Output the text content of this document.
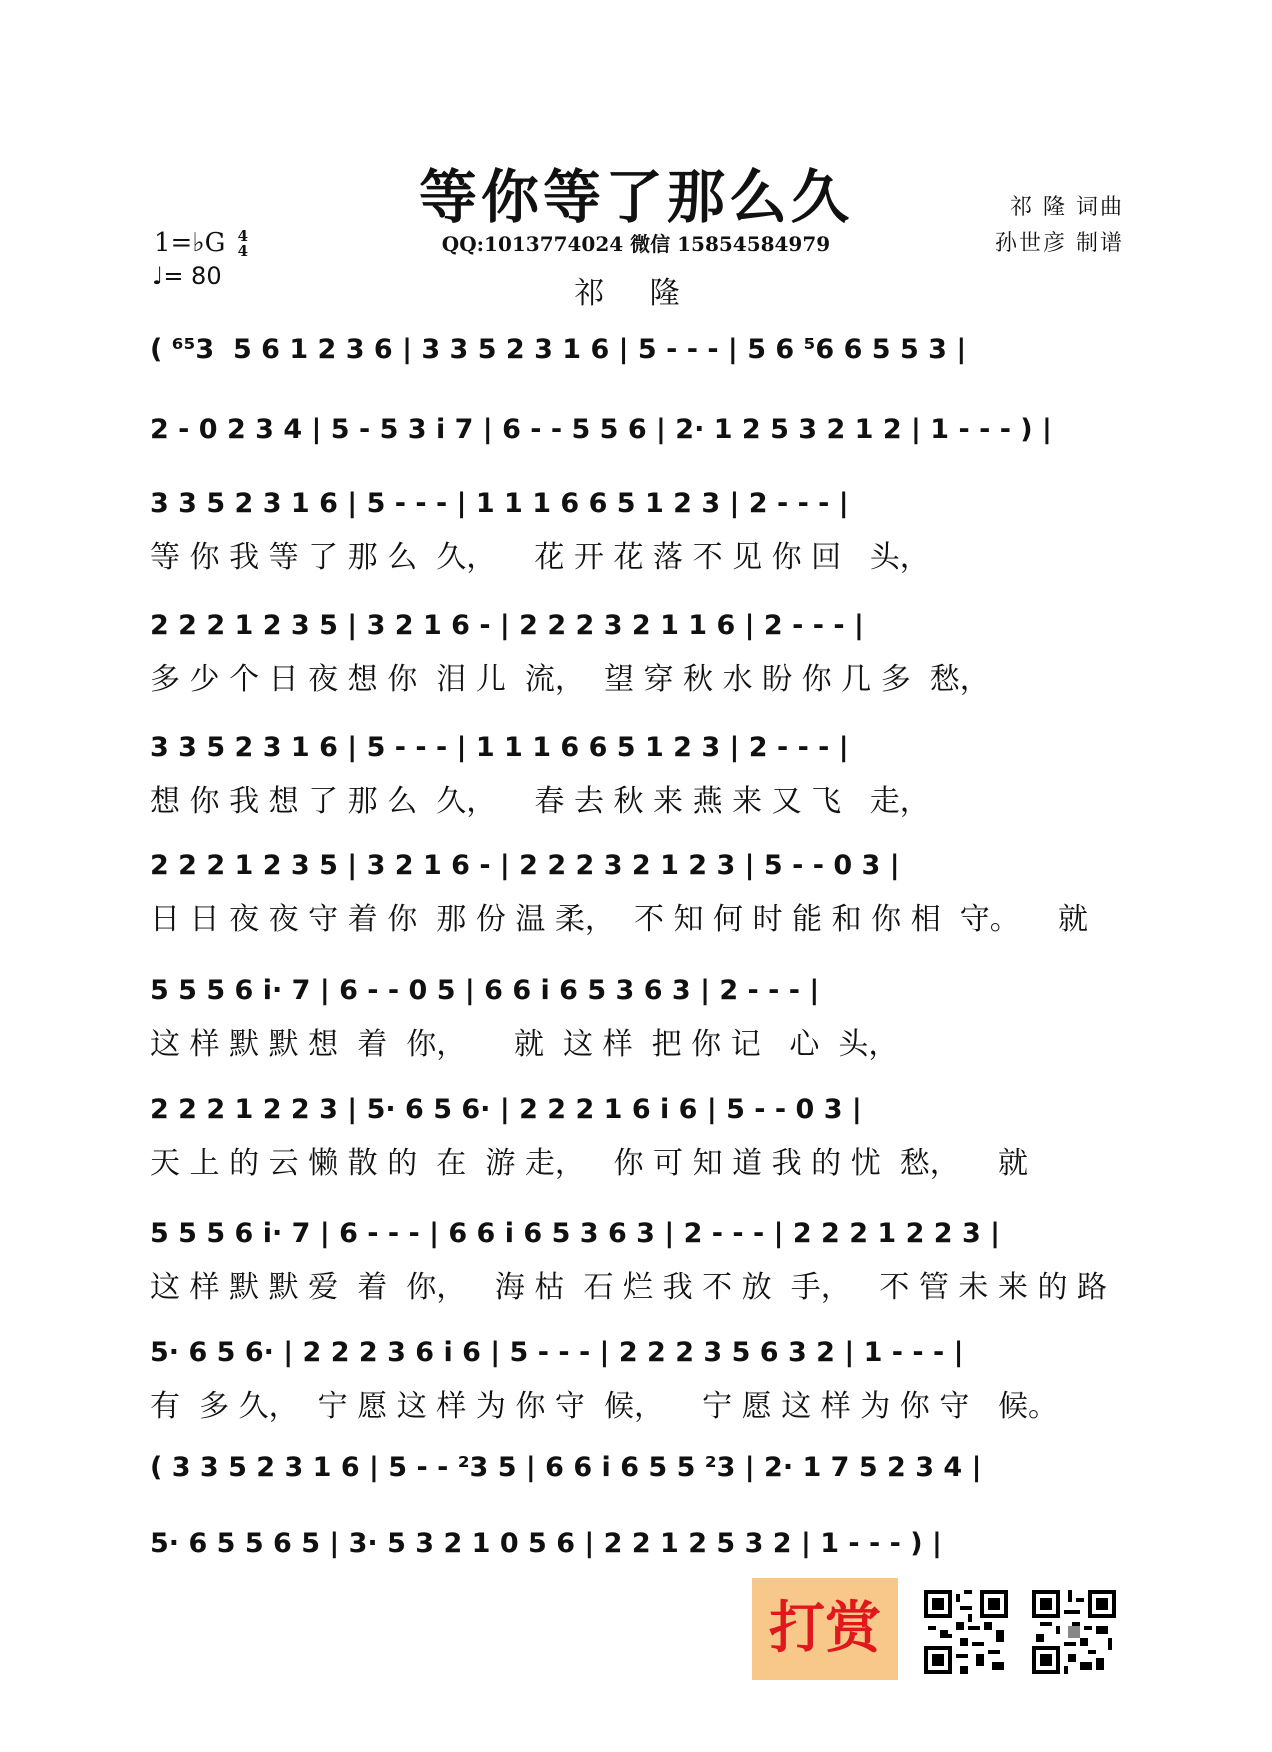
等你等了那么久
QQ:1013774024 微信 15854584979
祁 隆
祁 隆 词曲
孙世彦 制谱
1=♭G 4
4
♩= 80
( ⁶⁵3  5 6 1 2 3 6 | 3 3 5 2 3 1 6 | 5 - - - | 5 6 ⁵6 6 5 5 3 |
2 - 0 2 3 4 | 5 - 5 3 i 7 | 6 - - 5 5 6 | 2· 1 2 5 3 2 1 2 | 1 - - - ) |
3 3 5 2 3 1 6 | 5 - - - | 1 1 1 6 6 5 1 2 3 | 2 - - - |
等 你 我 等 了 那 么  久，    花 开 花 落 不 见 你 回   头，
2 2 2 1 2 3 5 | 3 2 1 6 - | 2 2 2 3 2 1 1 6 | 2 - - - |
多 少 个 日 夜 想 你  泪 儿  流，  望 穿 秋 水 盼 你 几 多  愁，
3 3 5 2 3 1 6 | 5 - - - | 1 1 1 6 6 5 1 2 3 | 2 - - - |
想 你 我 想 了 那 么  久，    春 去 秋 来 燕 来 又 飞   走，
2 2 2 1 2 3 5 | 3 2 1 6 - | 2 2 2 3 2 1 2 3 | 5 - - 0 3 |
日 日 夜 夜 守 着 你  那 份 温 柔，  不 知 何 时 能 和 你 相  守。    就
5 5 5 6 i· 7 | 6 - - 0 5 | 6 6 i 6 5 3 6 3 | 2 - - - |
这 样 默 默 想  着  你，     就  这 样  把 你 记   心  头，
2 2 2 1 2 2 3 | 5· 6 5 6· | 2 2 2 1 6 i 6 | 5 - - 0 3 |
天 上 的 云 懒 散 的  在  游 走，   你 可 知 道 我 的 忧  愁，    就
5 5 5 6 i· 7 | 6 - - - | 6 6 i 6 5 3 6 3 | 2 - - - | 2 2 2 1 2 2 3 |
这 样 默 默 爱  着  你，   海 枯  石 烂 我 不 放  手，   不 管 未 来 的 路
5· 6 5 6· | 2 2 2 3 6 i 6 | 5 - - - | 2 2 2 3 5 6 3 2 | 1 - - - |
有  多 久，  宁 愿 这 样 为 你 守  候，    宁 愿 这 样 为 你 守   候。
( 3 3 5 2 3 1 6 | 5 - - ²3 5 | 6 6 i 6 5 5 ²3 | 2· 1 7 5 2 3 4 |
5· 6 5 5 6 5 | 3· 5 3 2 1 0 5 6 | 2 2 1 2 5 3 2 | 1 - - - ) |
打赏
